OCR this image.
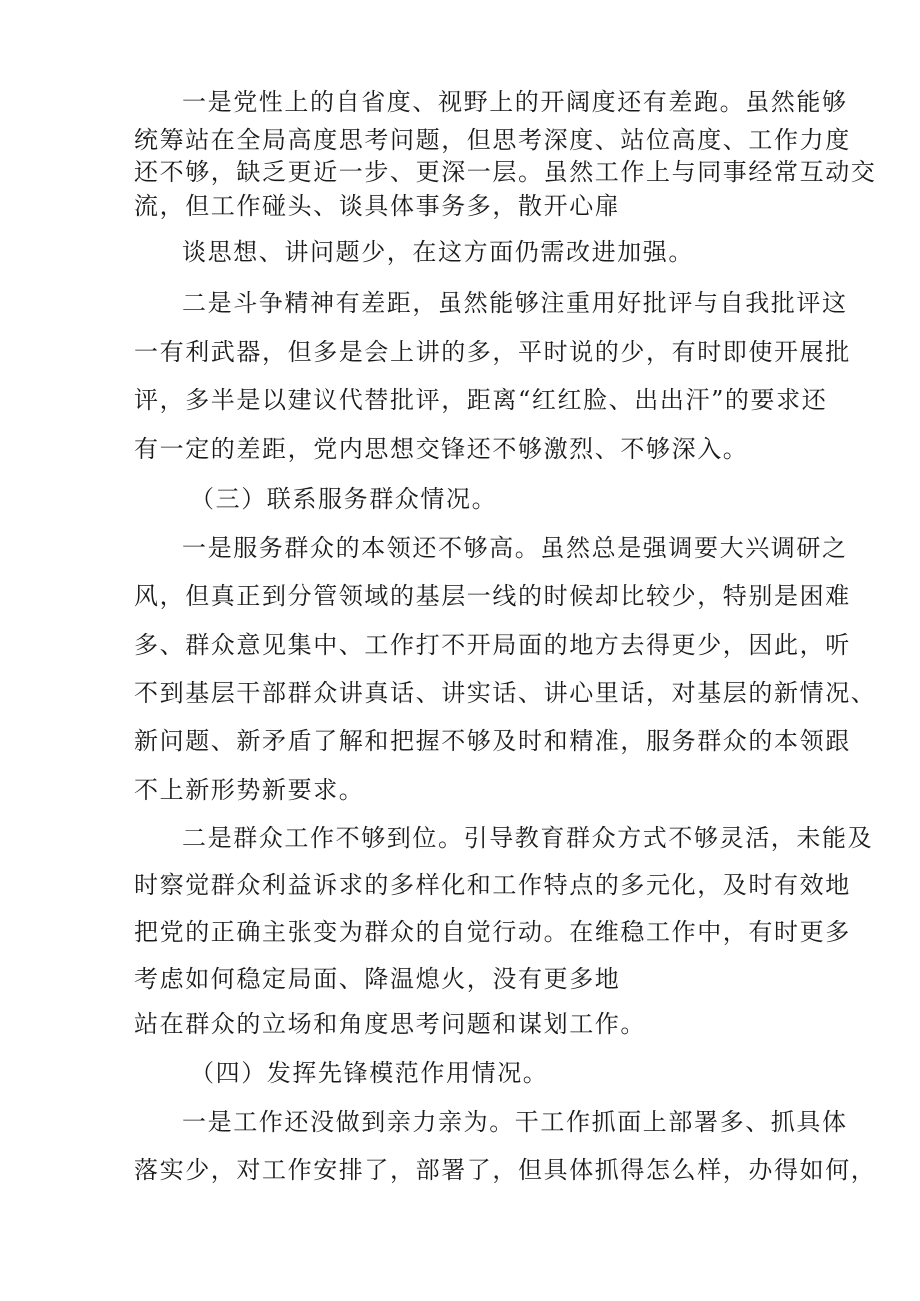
一是党性上的自省度、视野上的开阔度还有差跑。虽然能够
统筹站在全局高度思考问题，但思考深度、站位高度、工作力度
还不够，缺乏更近一步、更深一层。虽然工作上与同事经常互动交
流，但工作碰头、谈具体事务多，散开心扉
谈思想、讲问题少，在这方面仍需改进加强。
二是斗争精神有差距，虽然能够注重用好批评与自我批评这
一有利武器，但多是会上讲的多，平时说的少，有时即使开展批
评，多半是以建议代替批评，距离“红红脸、出出汗”的要求还
有一定的差距，党内思想交锋还不够激烈、不够深入。
（三）联系服务群众情况。
一是服务群众的本领还不够高。虽然总是强调要大兴调研之
风，但真正到分管领域的基层一线的时候却比较少，特别是困难
多、群众意见集中、工作打不开局面的地方去得更少，因此，听
不到基层干部群众讲真话、讲实话、讲心里话，对基层的新情况、
新问题、新矛盾了解和把握不够及时和精准，服务群众的本领跟
不上新形势新要求。
二是群众工作不够到位。引导教育群众方式不够灵活，未能及
时察觉群众利益诉求的多样化和工作特点的多元化，及时有效地
把党的正确主张变为群众的自觉行动。在维稳工作中，有时更多
考虑如何稳定局面、降温熄火，没有更多地
站在群众的立场和角度思考问题和谋划工作。
（四）发挥先锋模范作用情况。
一是工作还没做到亲力亲为。干工作抓面上部署多、抓具体
落实少，对工作安排了，部署了，但具体抓得怎么样，办得如何，
